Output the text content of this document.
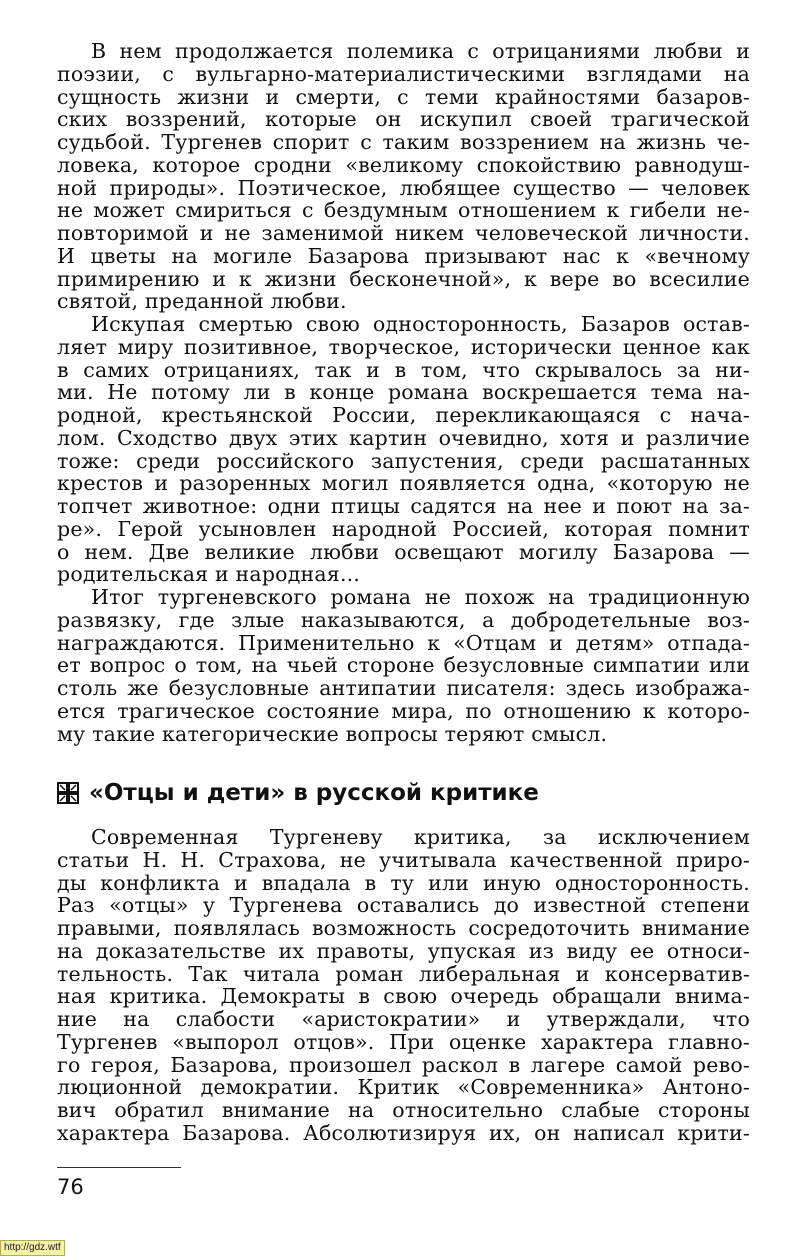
В нем продолжается полемика с отрицаниями любви и
поэзии, с вульгарно-материалистическими взглядами на
сущность жизни и смерти, с теми крайностями базаров-
ских воззрений, которые он искупил своей трагической
судьбой. Тургенев спорит с таким воззрением на жизнь че-
ловека, которое сродни «великому спокойствию равнодуш-
ной природы». Поэтическое, любящее существо — человек
не может смириться с бездумным отношением к гибели не-
повторимой и не заменимой никем человеческой личности.
И цветы на могиле Базарова призывают нас к «вечному
примирению и к жизни бесконечной», к вере во всесилие
святой, преданной любви.
Искупая смертью свою односторонность, Базаров остав-
ляет миру позитивное, творческое, исторически ценное как
в самих отрицаниях, так и в том, что скрывалось за ни-
ми. Не потому ли в конце романа воскрешается тема на-
родной, крестьянской России, перекликающаяся с нача-
лом. Сходство двух этих картин очевидно, хотя и различие
тоже: среди российского запустения, среди расшатанных
крестов и разоренных могил появляется одна, «которую не
топчет животное: одни птицы садятся на нее и поют на за-
ре». Герой усыновлен народной Россией, которая помнит
о нем. Две великие любви освещают могилу Базарова —
родительская и народная...
Итог тургеневского романа не похож на традиционную
развязку, где злые наказываются, а добродетельные воз-
награждаются. Применительно к «Отцам и детям» отпада-
ет вопрос о том, на чьей стороне безусловные симпатии или
столь же безусловные антипатии писателя: здесь изобража-
ется трагическое состояние мира, по отношению к которо-
му такие категорические вопросы теряют смысл.
«Отцы и дети» в русской критике
Современная Тургеневу критика, за исключением
статьи Н. Н. Страхова, не учитывала качественной приро-
ды конфликта и впадала в ту или иную односторонность.
Раз «отцы» у Тургенева оставались до известной степени
правыми, появлялась возможность сосредоточить внимание
на доказательстве их правоты, упуская из виду ее относи-
тельность. Так читала роман либеральная и консерватив-
ная критика. Демократы в свою очередь обращали внима-
ние на слабости «аристократии» и утверждали, что
Тургенев «выпорол отцов». При оценке характера главно-
го героя, Базарова, произошел раскол в лагере самой рево-
люционной демократии. Критик «Современника» Антоно-
вич обратил внимание на относительно слабые стороны
характера Базарова. Абсолютизируя их, он написал крити-
76
http://gdz.wtf
